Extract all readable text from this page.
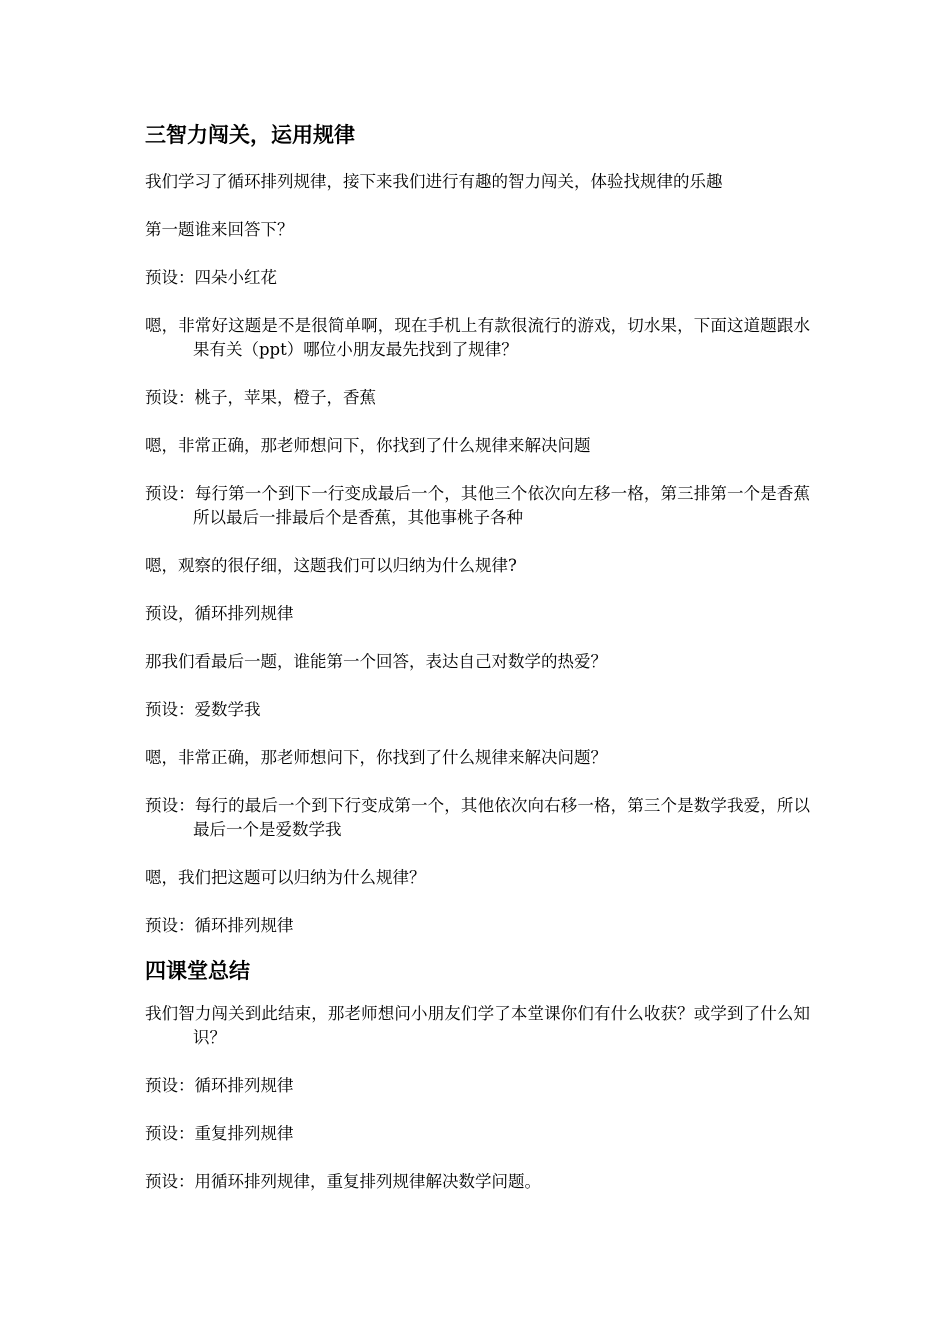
三智力闯关，运用规律

我们学习了循环排列规律，接下来我们进行有趣的智力闯关，体验找规律的乐趣

第一题谁来回答下？

预设：四朵小红花

嗯，非常好这题是不是很简单啊，现在手机上有款很流行的游戏，切水果，下面这道题跟水果有关（ppt）哪位小朋友最先找到了规律？

预设：桃子，苹果，橙子，香蕉

嗯，非常正确，那老师想问下，你找到了什么规律来解决问题

预设：每行第一个到下一行变成最后一个，其他三个依次向左移一格，第三排第一个是香蕉所以最后一排最后个是香蕉，其他事桃子各种

嗯，观察的很仔细，这题我们可以归纳为什么规律?

预设，循环排列规律

那我们看最后一题，谁能第一个回答，表达自己对数学的热爱？

预设：爱数学我

嗯，非常正确，那老师想问下，你找到了什么规律来解决问题？

预设：每行的最后一个到下行变成第一个，其他依次向右移一格，第三个是数学我爱，所以最后一个是爱数学我

嗯，我们把这题可以归纳为什么规律？

预设：循环排列规律

四课堂总结

我们智力闯关到此结束，那老师想问小朋友们学了本堂课你们有什么收获？或学到了什么知识？

预设：循环排列规律

预设：重复排列规律

预设：用循环排列规律，重复排列规律解决数学问题。
